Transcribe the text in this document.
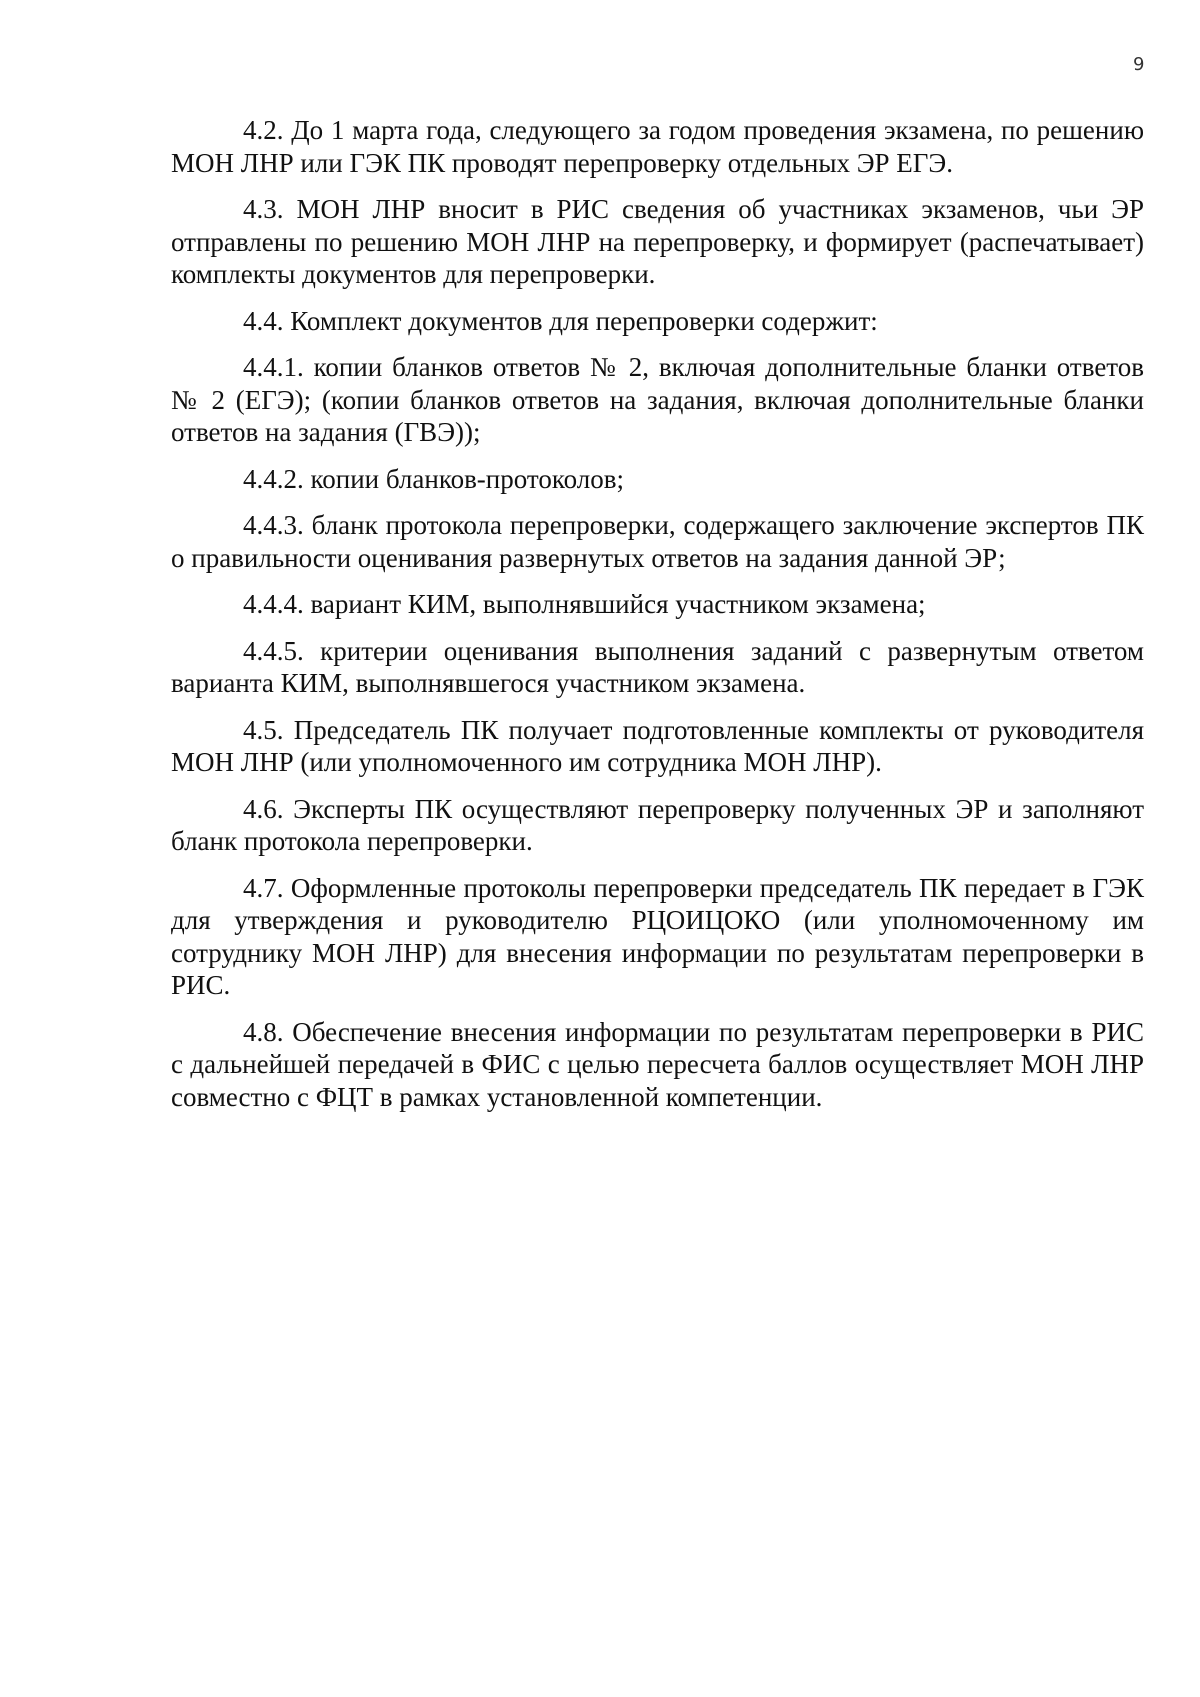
9

4.2. До 1 марта года, следующего за годом проведения экзамена, по решению МОН ЛНР или ГЭК ПК проводят перепроверку отдельных ЭР ЕГЭ.

4.3. МОН ЛНР вносит в РИС сведения об участниках экзаменов, чьи ЭР отправлены по решению МОН ЛНР на перепроверку, и формирует (распечатывает) комплекты документов для перепроверки.

4.4. Комплект документов для перепроверки содержит:

4.4.1. копии бланков ответов № 2, включая дополнительные бланки ответов № 2 (ЕГЭ); (копии бланков ответов на задания, включая дополнительные бланки ответов на задания (ГВЭ));

4.4.2. копии бланков-протоколов;

4.4.3. бланк протокола перепроверки, содержащего заключение экспертов ПК о правильности оценивания развернутых ответов на задания данной ЭР;

4.4.4. вариант КИМ, выполнявшийся участником экзамена;

4.4.5. критерии оценивания выполнения заданий с развернутым ответом варианта КИМ, выполнявшегося участником экзамена.

4.5. Председатель ПК получает подготовленные комплекты от руководителя МОН ЛНР (или уполномоченного им сотрудника МОН ЛНР).

4.6. Эксперты ПК осуществляют перепроверку полученных ЭР и заполняют бланк протокола перепроверки.

4.7. Оформленные протоколы перепроверки председатель ПК передает в ГЭК для утверждения и руководителю РЦОИЦОКО (или уполномоченному им сотруднику МОН ЛНР) для внесения информации по результатам перепроверки в РИС.

4.8. Обеспечение внесения информации по результатам перепроверки в РИС с дальнейшей передачей в ФИС с целью пересчета баллов осуществляет МОН ЛНР совместно с ФЦТ в рамках установленной компетенции.
